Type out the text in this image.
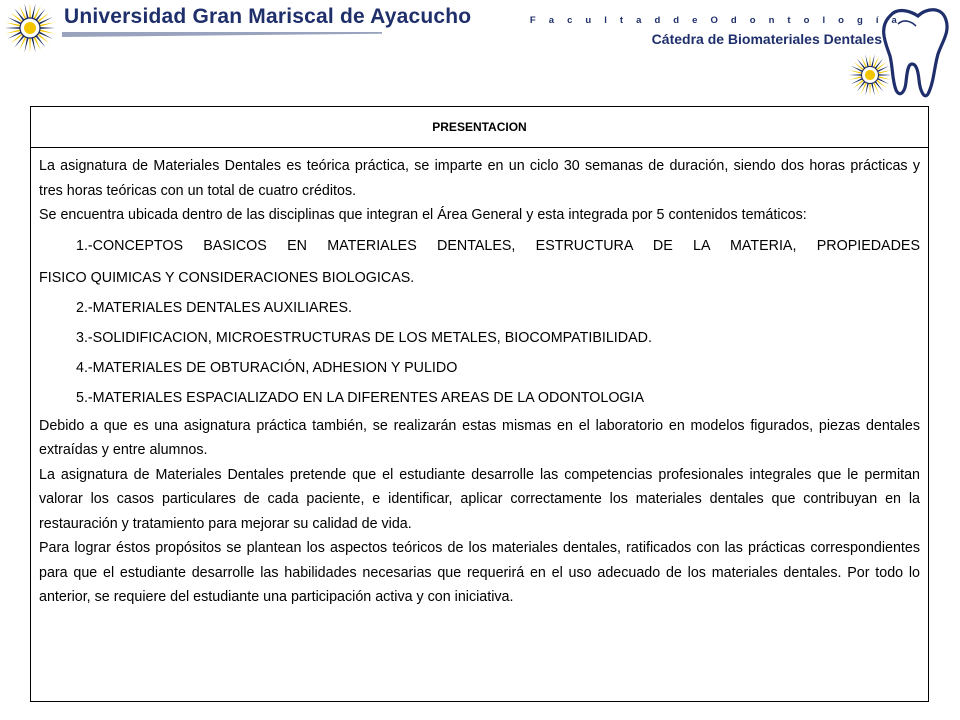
Universidad Gran Mariscal de Ayacucho	F a c u l t a d d e O d o n t o l o g í a
Cátedra de Biomateriales Dentales
PRESENTACION

La asignatura de Materiales Dentales es teórica práctica, se imparte en un ciclo 30 semanas de duración, siendo dos horas prácticas y tres horas teóricas con un total de cuatro créditos.

Se encuentra ubicada dentro de las disciplinas que integran el Área General y esta integrada por 5 contenidos temáticos:

1.-CONCEPTOS BASICOS EN MATERIALES DENTALES, ESTRUCTURA DE LA MATERIA, PROPIEDADES

FISICO QUIMICAS Y CONSIDERACIONES BIOLOGICAS.

2.-MATERIALES DENTALES AUXILIARES.

3.-SOLIDIFICACION, MICROESTRUCTURAS DE LOS METALES, BIOCOMPATIBILIDAD.

4.-MATERIALES DE OBTURACIÓN, ADHESION Y PULIDO

5.-MATERIALES ESPACIALIZADO EN LA DIFERENTES AREAS DE LA ODONTOLOGIA

Debido a que es una asignatura práctica también, se realizarán estas mismas en el laboratorio en modelos figurados, piezas dentales extraídas y entre alumnos.

La asignatura de Materiales Dentales pretende que el estudiante desarrolle las competencias profesionales integrales que le permitan valorar los casos particulares de cada paciente, e identificar, aplicar correctamente los materiales dentales que contribuyan en la restauración y tratamiento para mejorar su calidad de vida.

Para lograr éstos propósitos se plantean los aspectos teóricos de los materiales dentales, ratificados con las prácticas correspondientes para que el estudiante desarrolle las habilidades necesarias que requerirá en el uso adecuado de los materiales dentales. Por todo lo anterior, se requiere del estudiante una participación activa y con iniciativa.
